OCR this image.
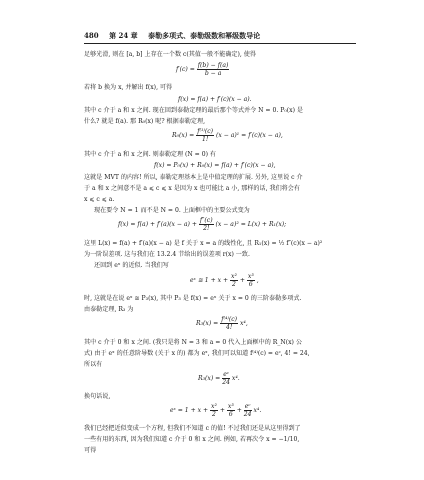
480 第 24 章 泰勒多项式、泰勒级数和幂级数导论
足够光滑, 则在 [a, b] 上存在一个数 c(其值一般不能确定), 使得
$f'(c) = \frac{f(b) - f(a)}{b - a}$
若将 b 换为 x, 并解出 f(x), 可得
f(x) = f(a) + f′(c)(x − a).
其中 c 介于 a 和 x 之间. 现在回到泰勒定理的最后那个等式并令 N = 0. P₀(x) 是
什么? 就是 f(a). 那 R₀(x) 呢? 根据泰勒定理,
$R_0(x) = \frac{\text{f⁽¹⁾(c)}}{1!} (x - a)^1 = f'(c)(x - a)$,
其中 c 介于 a 和 x 之间. 则泰勒定理 (N = 0) 有
f(x) = P₀(x) + R₀(x) = f(a) + f′(c)(x − a),
这就是 MVT 的内容! 所以, 泰勒定理基本上是中值定理的扩展. 另外, 这里说 c 介
于 a 和 x 之间意不是 a ⩽ c ⩽ x 是因为 x 也可能比 a 小, 那样的话, 我们将会有
x ⩽ c ⩽ a.
现在要令 N = 1 而不是 N = 0. 上面框中的主要公式变为
$f(x) = f(a) + f'(a)(x - a) + \frac{f''(c)}{2!} (x - a)^2 = L(x) + R_1(x)$;
这里 L(x) = f(a) + f′(a)(x − a) 是 f 关于 x = a 的线性化, 且 R₁(x) = ½ f″(c)(x − a)²
为一阶误差项. 这与我们在 13.2.4 节给出的误差项 r(x) 一致.
还回到 eˣ 的近似. 当我们写
eˣ ≅ $1 + x + \frac{\text{x²}}{2} + \frac{\text{x³}}{6}$ ,
时, 这就是在说 eˣ ≅ P₃(x), 其中 P₃ 是 f(x) = eˣ 关于 x = 0 的三阶泰勒多项式.
由泰勒定理, R₃ 为
$R_3(x) = \frac{\text{f⁽⁴⁾(c)}}{4!} x^4$,
其中 c 介于 0 和 x 之间. (我只是将 N = 3 和 a = 0 代入上面框中的 R_N(x) 公
式) 由于 eˣ 的任意阶导数 (关于 x 的) 都为 eˣ, 我们可以知道 f⁽⁴⁾(c) = eᶜ, 4! = 24,
所以有
$R_3(x) = \frac{\text{eᶜ}}{24} x^4$.
换句话说,
eˣ = $1 + x + \frac{\text{x²}}{2} + \frac{\text{x³}}{6} + \frac{\text{eᶜ}}{24} x^4$.
我们已经把近似变成一个方程, 但我们不知道 c 的值! 不过我们还是从这里得到了
一些有用的东西, 因为我们知道 c 介于 0 和 x 之间. 例如, 若再次令 x = −1/10,
可得
